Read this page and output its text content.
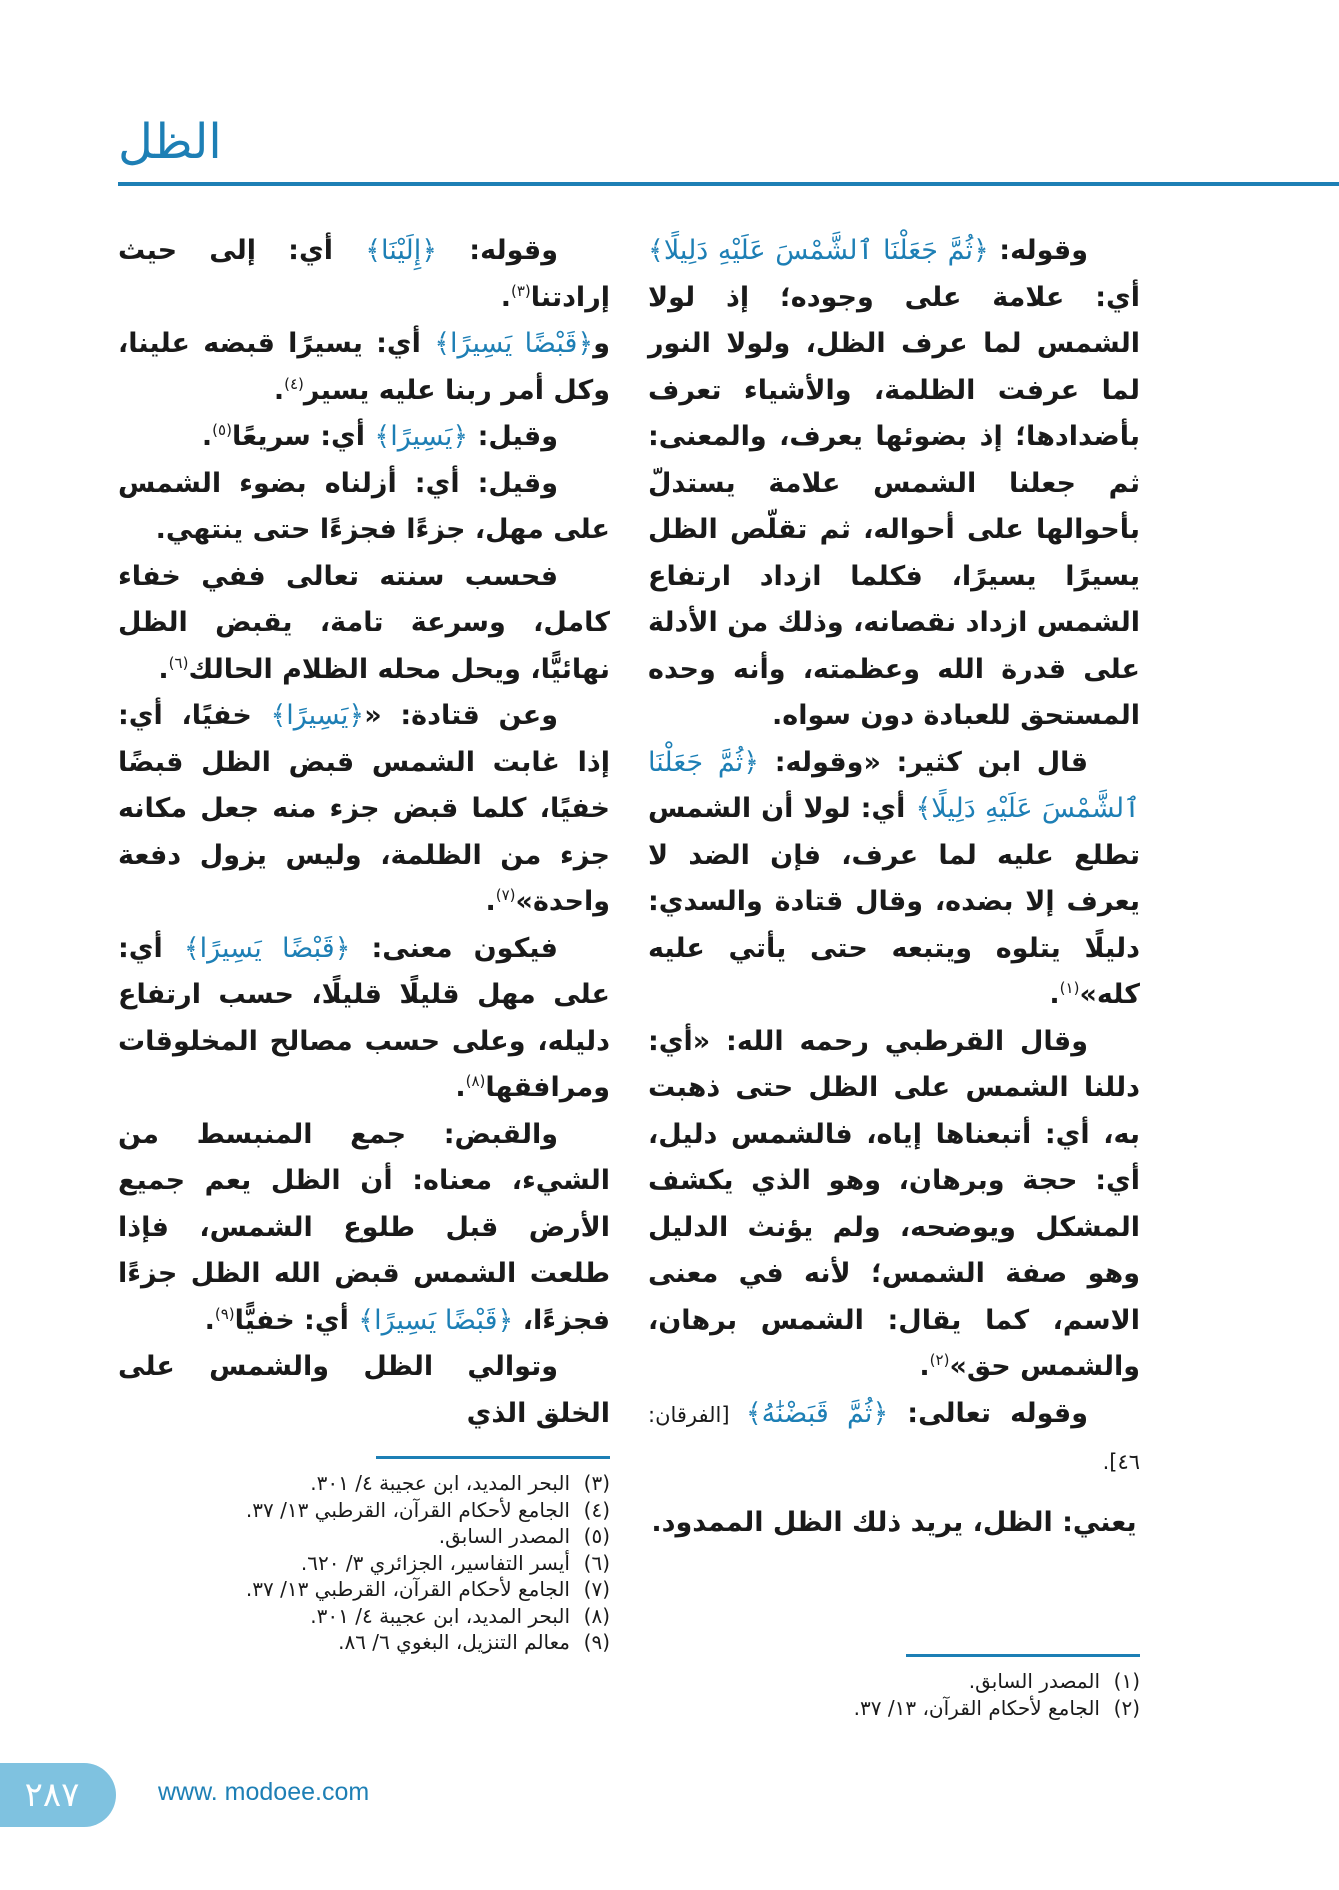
الظل

وقوله: ﴿ثُمَّ جَعَلْنَا ٱلشَّمْسَ عَلَيْهِ دَلِيلًا﴾ أي: علامة على وجوده؛ إذ لولا الشمس لما عرف الظل، ولولا النور لما عرفت الظلمة، والأشياء تعرف بأضدادها؛ إذ بضوئها يعرف، والمعنى: ثم جعلنا الشمس علامة يستدلّ بأحوالها على أحواله، ثم تقلّص الظل يسيرًا يسيرًا، فكلما ازداد ارتفاع الشمس ازداد نقصانه، وذلك من الأدلة على قدرة الله وعظمته، وأنه وحده المستحق للعبادة دون سواه.

قال ابن كثير: «وقوله: ﴿ثُمَّ جَعَلْنَا ٱلشَّمْسَ عَلَيْهِ دَلِيلًا﴾ أي: لولا أن الشمس تطلع عليه لما عرف، فإن الضد لا يعرف إلا بضده، وقال قتادة والسدي: دليلًا يتلوه ويتبعه حتى يأتي عليه كله»$^{(١)}$.

وقال القرطبي رحمه الله: «أي: دللنا الشمس على الظل حتى ذهبت به، أي: أتبعناها إياه، فالشمس دليل، أي: حجة وبرهان، وهو الذي يكشف المشكل ويوضحه، ولم يؤنث الدليل وهو صفة الشمس؛ لأنه في معنى الاسم، كما يقال: الشمس برهان، والشمس حق»$^{(٢)}$.

وقوله تعالى: ﴿ثُمَّ قَبَضْنَٰهُ﴾ [الفرقان: ٤٦].

يعني: الظل، يريد ذلك الظل الممدود.

وقوله: ﴿إِلَيْنَا﴾ أي: إلى حيث إرادتنا$^{(٣)}$.

و﴿قَبْضًا يَسِيرًا﴾ أي: يسيرًا قبضه علينا، وكل أمر ربنا عليه يسير$^{(٤)}$.

وقيل: ﴿يَسِيرًا﴾ أي: سريعًا$^{(٥)}$.

وقيل: أي: أزلناه بضوء الشمس على مهل، جزءًا فجزءًا حتى ينتهي.

فحسب سنته تعالى ففي خفاء كامل، وسرعة تامة، يقبض الظل نهائيًّا، ويحل محله الظلام الحالك$^{(٦)}$.

وعن قتادة: «﴿يَسِيرًا﴾ خفيًا، أي: إذا غابت الشمس قبض الظل قبضًا خفيًا، كلما قبض جزء منه جعل مكانه جزء من الظلمة، وليس يزول دفعة واحدة»$^{(٧)}$.

فيكون معنى: ﴿قَبْضًا يَسِيرًا﴾ أي: على مهل قليلًا قليلًا، حسب ارتفاع دليله، وعلى حسب مصالح المخلوقات ومرافقها$^{(٨)}$.

والقبض: جمع المنبسط من الشيء، معناه: أن الظل يعم جميع الأرض قبل طلوع الشمس، فإذا طلعت الشمس قبض الله الظل جزءًا فجزءًا، ﴿قَبْضًا يَسِيرًا﴾ أي: خفيًّا$^{(٩)}$.

وتوالي الظل والشمس على الخلق الذي

(٣)البحر المديد، ابن عجيبة ٤/ ٣٠١.
(٤)الجامع لأحكام القرآن، القرطبي ١٣/ ٣٧.
(٥)المصدر السابق.
(٦)أيسر التفاسير، الجزائري ٣/ ٦٢٠.
(٧)الجامع لأحكام القرآن، القرطبي ١٣/ ٣٧.
(٨)البحر المديد، ابن عجيبة ٤/ ٣٠١.
(٩)معالم التنزيل، البغوي ٦/ ٨٦.
(١)المصدر السابق.
(٢)الجامع لأحكام القرآن، ١٣/ ٣٧.
٢٨٧	www. modoee.com
